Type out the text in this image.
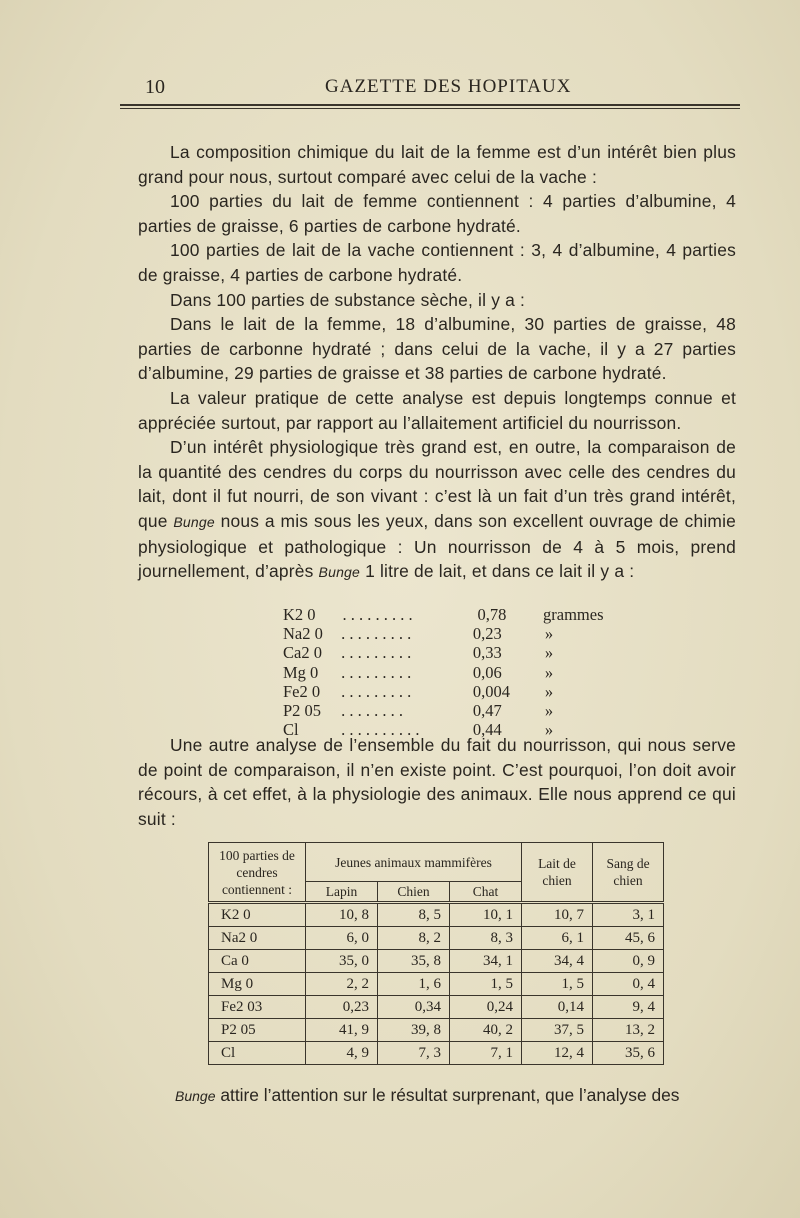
10	GAZETTE DES HOPITAUX

La composition chimique du lait de la femme est d’un intérêt bien plus grand pour nous, surtout comparé avec celui de la vache :

100 parties du lait de femme contiennent : 4 parties d’albumine, 4 parties de graisse, 6 parties de carbone hydraté.

100 parties de lait de la vache contiennent : 3, 4 d’albumine, 4 parties de graisse, 4 parties de carbone hydraté.

Dans 100 parties de substance sèche, il y a :

Dans le lait de la femme, 18 d’albumine, 30 parties de graisse, 48 parties de carbonne hydraté ; dans celui de la vache, il y a 27 parties d’albumine, 29 parties de graisse et 38 parties de carbone hydraté.

La valeur pratique de cette analyse est depuis longtemps connue et appréciée surtout, par rapport au l’allaitement artificiel du nourrisson.

D’un intérêt physiologique très grand est, en outre, la comparaison de la quantité des cendres du corps du nourrisson avec celle des cendres du lait, dont il fut nourri, de son vivant : c’est là un fait d’un très grand intérêt, que Bunge nous a mis sous les yeux, dans son excellent ouvrage de chimie physiologique et pathologique : Un nourrisson de 4 à 5 mois, prend journellement, d’après Bunge 1 litre de lait, et dans ce lait il y a :

K2 0	. . . . . . . . .	0,78	grammes
Na2 0	. . . . . . . . .	0,23	»
Ca2 0	. . . . . . . . .	0,33	»
Mg 0	. . . . . . . . .	0,06	»
Fe2 0	. . . . . . . . .	0,004	»
P2 05	. . . . . . . .	0,47	»
Cl	. . . . . . . . . .	0,44	»

Une autre analyse de l’ensemble du fait du nourrisson, qui nous serve de point de comparaison, il n’en existe point. C’est pourquoi, l’on doit avoir récours, à cet effet, à la physiologie des animaux. Elle nous apprend ce qui suit :

100 parties de cendres contiennent :	Jeunes animaux mammifères			Lait de chien	Sang de chien
	Lapin	Chien	Chat		
K2 0	10, 8	8, 5	10, 1	10, 7	3, 1
Na2 0	6, 0	8, 2	8, 3	6, 1	45, 6
Ca 0	35, 0	35, 8	34, 1	34, 4	0, 9
Mg 0	2, 2	1, 6	1, 5	1, 5	0, 4
Fe2 03	0,23	0,34	0,24	0,14	9, 4
P2 05	41, 9	39, 8	40, 2	37, 5	13, 2
Cl	4, 9	7, 3	7, 1	12, 4	35, 6
Bunge attire l’attention sur le résultat surprenant, que l’analyse des
